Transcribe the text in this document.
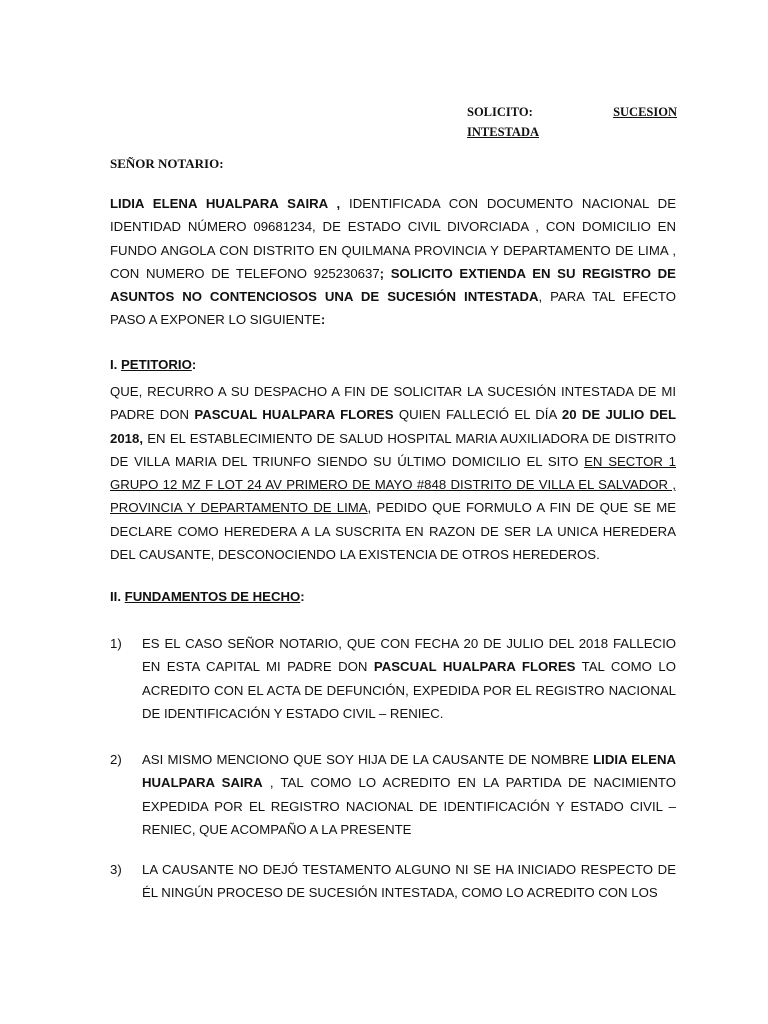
SOLICITO:	SUCESION
INTESTADA
SEÑOR NOTARIO:
LIDIA ELENA HUALPARA SAIRA , IDENTIFICADA CON DOCUMENTO NACIONAL DE IDENTIDAD NÚMERO 09681234, DE ESTADO CIVIL DIVORCIADA , CON DOMICILIO EN FUNDO ANGOLA CON DISTRITO EN QUILMANA PROVINCIA Y DEPARTAMENTO DE LIMA , CON NUMERO DE TELEFONO 925230637; SOLICITO EXTIENDA EN SU REGISTRO DE ASUNTOS NO CONTENCIOSOS UNA DE SUCESIÓN INTESTADA, PARA TAL EFECTO PASO A EXPONER LO SIGUIENTE:
I. PETITORIO:
QUE, RECURRO A SU DESPACHO A FIN DE SOLICITAR LA SUCESIÓN INTESTADA DE MI PADRE DON PASCUAL HUALPARA FLORES QUIEN FALLECIÓ EL DÍA 20 DE JULIO DEL 2018, EN EL ESTABLECIMIENTO DE SALUD HOSPITAL MARIA AUXILIADORA DE DISTRITO DE VILLA MARIA DEL TRIUNFO SIENDO SU ÚLTIMO DOMICILIO EL SITO EN SECTOR 1 GRUPO 12 MZ F LOT 24 AV PRIMERO DE MAYO #848 DISTRITO DE VILLA EL SALVADOR , PROVINCIA Y DEPARTAMENTO DE LIMA, PEDIDO QUE FORMULO A FIN DE QUE SE ME DECLARE COMO HEREDERA A LA SUSCRITA EN RAZON DE SER LA UNICA HEREDERA DEL CAUSANTE, DESCONOCIENDO LA EXISTENCIA DE OTROS HEREDEROS.
II. FUNDAMENTOS DE HECHO:
1)	ES EL CASO SEÑOR NOTARIO, QUE CON FECHA 20 DE JULIO DEL 2018 FALLECIO EN ESTA CAPITAL MI PADRE DON PASCUAL HUALPARA FLORES TAL COMO LO ACREDITO CON EL ACTA DE DEFUNCIÓN, EXPEDIDA POR EL REGISTRO NACIONAL DE IDENTIFICACIÓN Y ESTADO CIVIL – RENIEC.
2)	ASI MISMO MENCIONO QUE SOY HIJA DE LA CAUSANTE DE NOMBRE LIDIA ELENA HUALPARA SAIRA , TAL COMO LO ACREDITO EN LA PARTIDA DE NACIMIENTO EXPEDIDA POR EL REGISTRO NACIONAL DE IDENTIFICACIÓN Y ESTADO CIVIL – RENIEC, QUE ACOMPAÑO A LA PRESENTE
3)	LA CAUSANTE NO DEJÓ TESTAMENTO ALGUNO NI SE HA INICIADO RESPECTO DE ÉL NINGÚN PROCESO DE SUCESIÓN INTESTADA, COMO LO ACREDITO CON LOS
